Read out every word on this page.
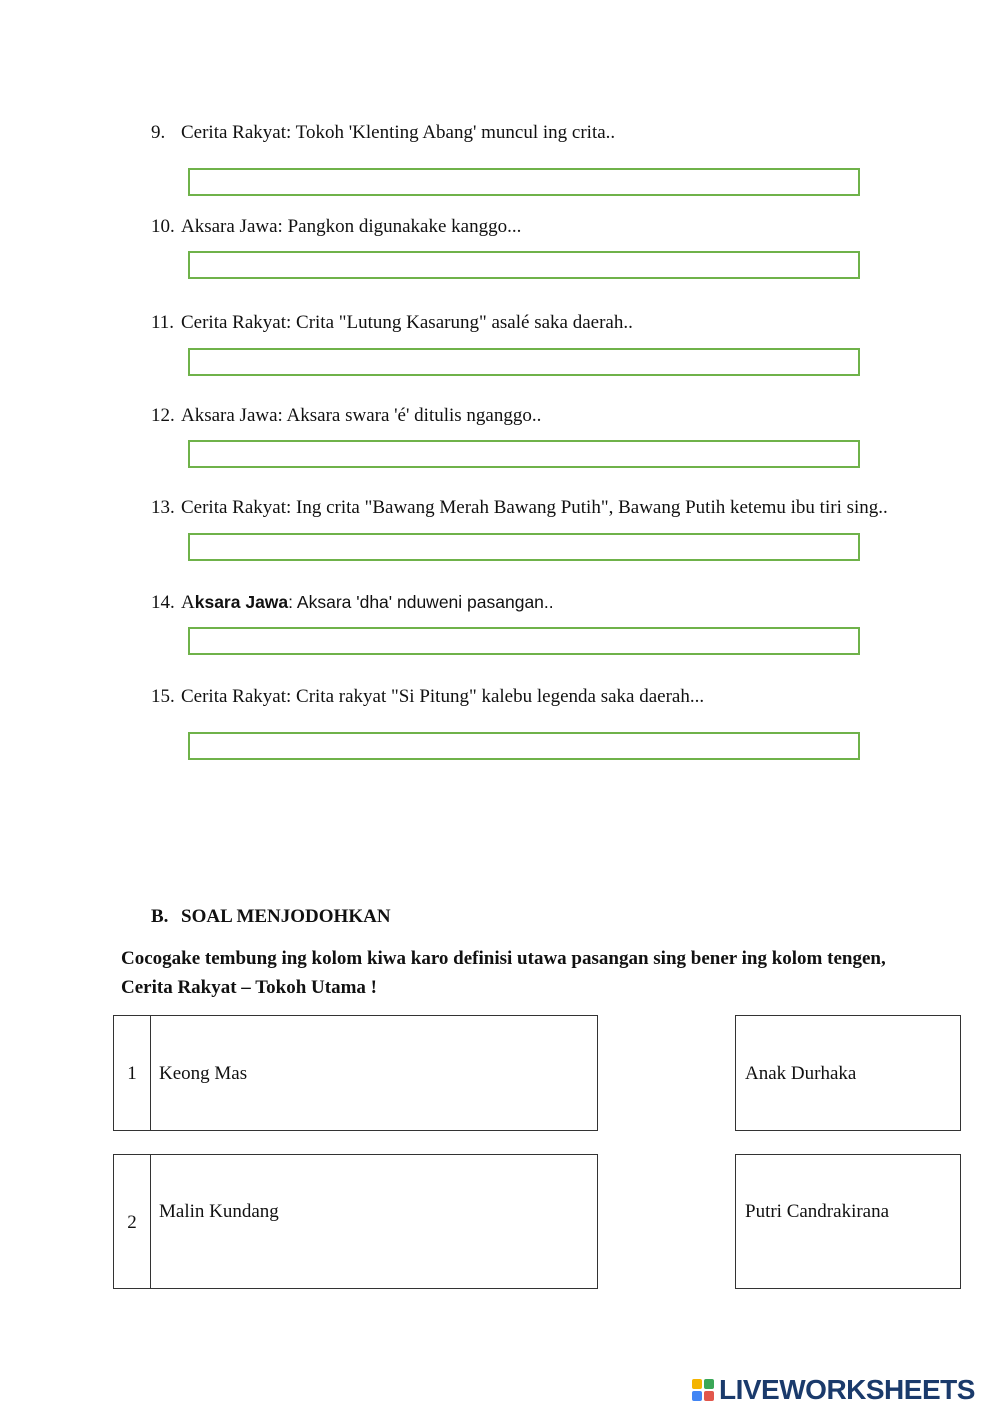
9. Cerita Rakyat: Tokoh 'Klenting Abang' muncul ing crita..
10. Aksara Jawa: Pangkon digunakake kanggo...
11. Cerita Rakyat: Crita "Lutung Kasarung" asalé saka daerah..
12. Aksara Jawa: Aksara swara 'é' ditulis nganggo..
13. Cerita Rakyat: Ing crita "Bawang Merah Bawang Putih", Bawang Putih ketemu ibu tiri sing..
14. Aksara Jawa: Aksara 'dha' nduweni pasangan..
15. Cerita Rakyat: Crita rakyat "Si Pitung" kalebu legenda saka daerah...
B. SOAL MENJODOHKAN
Cocogake tembung ing kolom kiwa karo definisi utawa pasangan sing bener ing kolom tengen, Cerita Rakyat – Tokoh Utama !
1	Keong Mas
2
Malin Kundang
Anak Durhaka
Putri Candrakirana
LIVEWORKSHEETS
